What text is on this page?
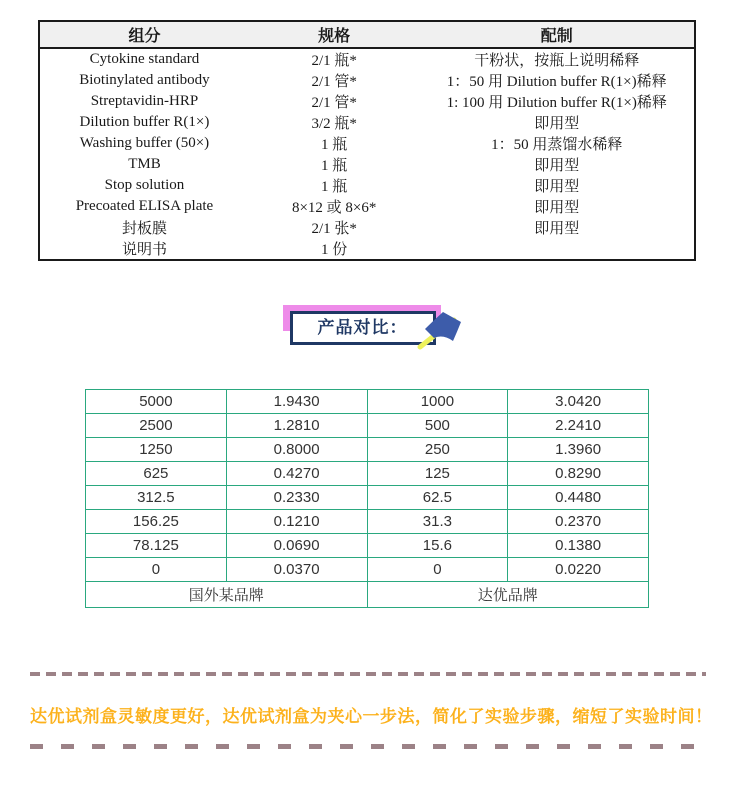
组分	规格	配制
Cytokine standard	2/1 瓶*	干粉状，按瓶上说明稀释
Biotinylated antibody	2/1 管*	1：50 用 Dilution buffer R(1×)稀释
Streptavidin-HRP	2/1 管*	1: 100 用 Dilution buffer R(1×)稀释
Dilution buffer R(1×)	3/2 瓶*	即用型
Washing buffer (50×)	1 瓶	1：50 用蒸馏水稀释
TMB	1 瓶	即用型
Stop solution	1 瓶	即用型
Precoated ELISA plate	8×12 或 8×6*	即用型
封板膜	2/1 张*	即用型
说明书	1 份	
产品对比：
5000	1.9430	1000	3.0420
2500	1.2810	500	2.2410
1250	0.8000	250	1.3960
625	0.4270	125	0.8290
312.5	0.2330	62.5	0.4480
156.25	0.1210	31.3	0.2370
78.125	0.0690	15.6	0.1380
0	0.0370	0	0.0220
国外某品牌		达优品牌	
达优试剂盒灵敏度更好，达优试剂盒为夹心一步法，简化了实验步骤，缩短了实验时间！
